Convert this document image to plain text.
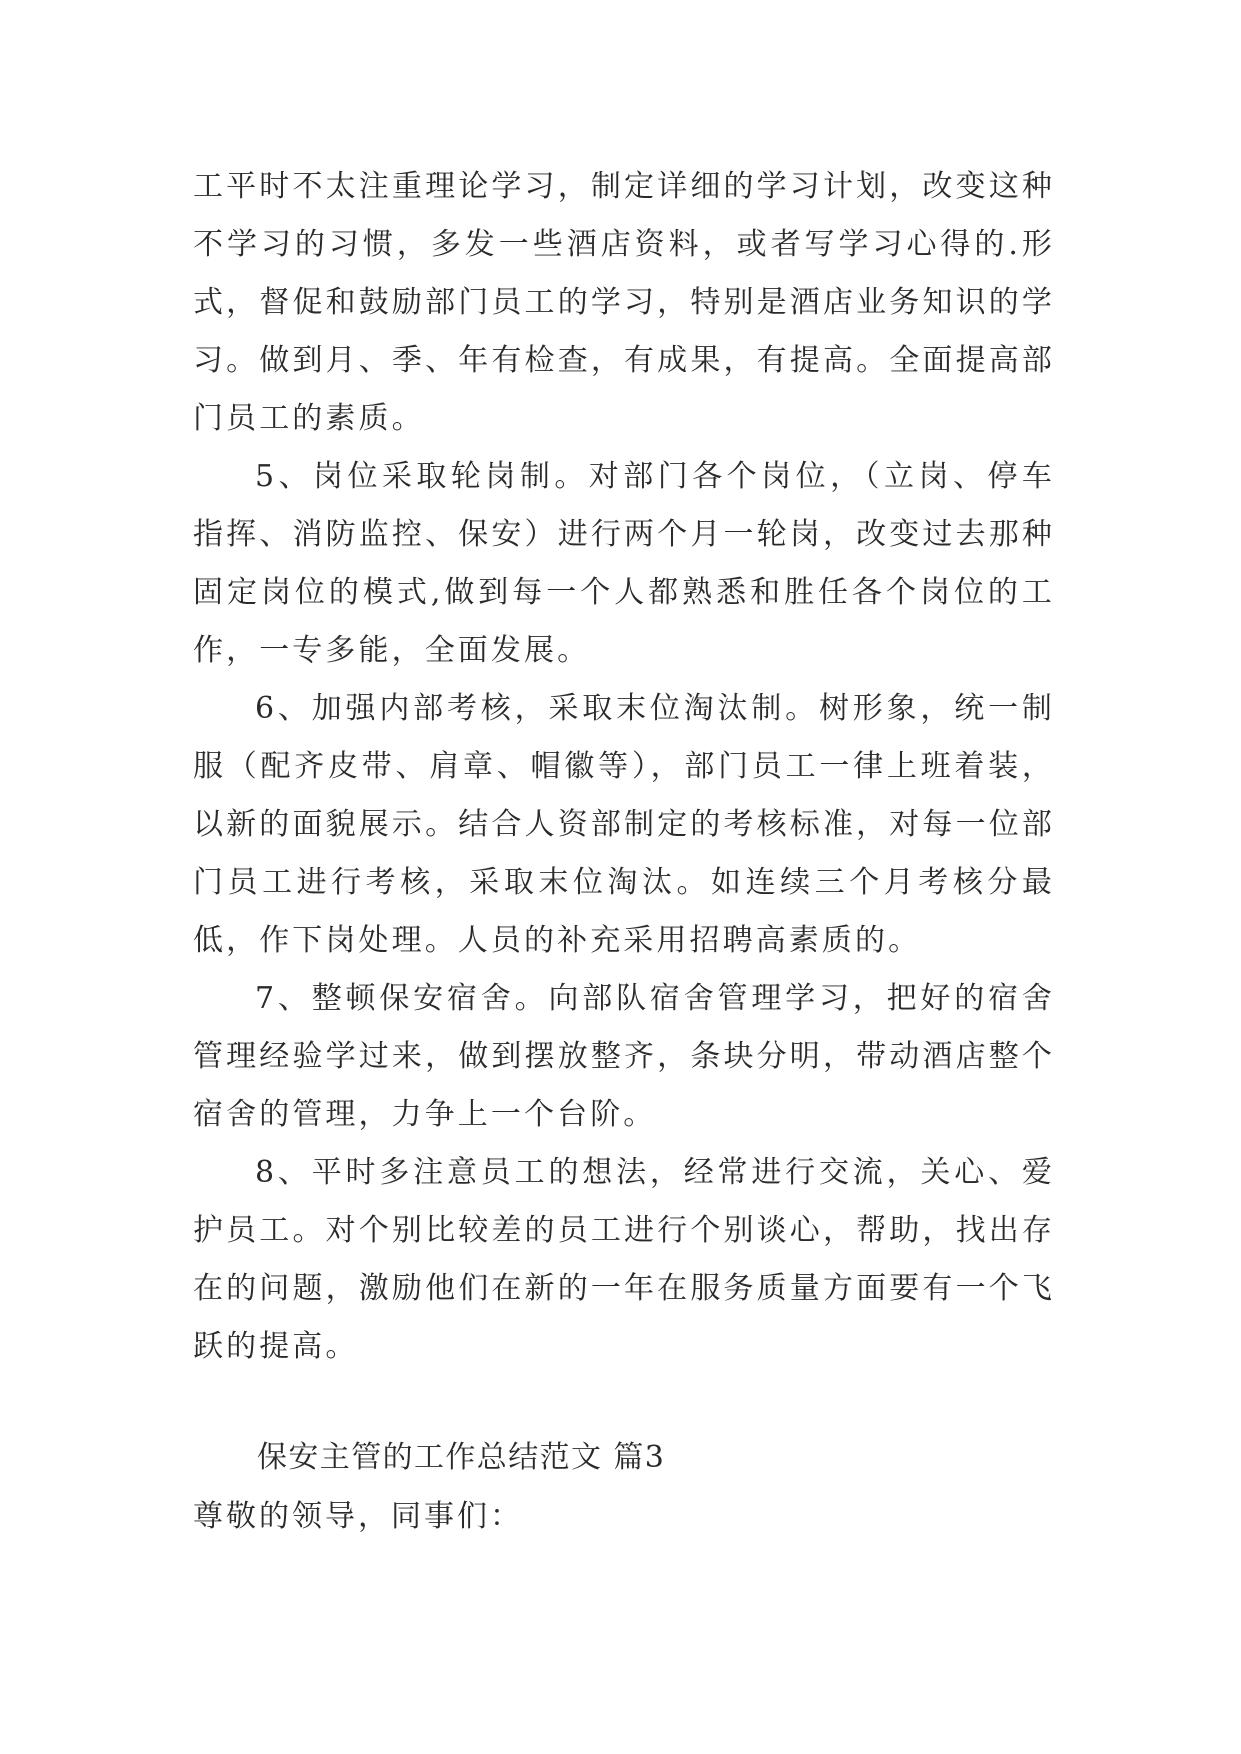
工平时不太注重理论学习，制定详细的学习计划，改变这种不学习的习惯，多发一些酒店资料，或者写学习心得的.形式，督促和鼓励部门员工的学习，特别是酒店业务知识的学习。做到月、季、年有检查，有成果，有提高。全面提高部门员工的素质。

5、岗位采取轮岗制。对部门各个岗位，（立岗、停车指挥、消防监控、保安）进行两个月一轮岗，改变过去那种固定岗位的模式,做到每一个人都熟悉和胜任各个岗位的工作，一专多能，全面发展。

6、加强内部考核，采取末位淘汰制。树形象，统一制服（配齐皮带、肩章、帽徽等），部门员工一律上班着装，以新的面貌展示。结合人资部制定的考核标准，对每一位部门员工进行考核，采取末位淘汰。如连续三个月考核分最低，作下岗处理。人员的补充采用招聘高素质的。

7、整顿保安宿舍。向部队宿舍管理学习，把好的宿舍管理经验学过来，做到摆放整齐，条块分明，带动酒店整个宿舍的管理，力争上一个台阶。

8、平时多注意员工的想法，经常进行交流，关心、爱护员工。对个别比较差的员工进行个别谈心，帮助，找出存在的问题，激励他们在新的一年在服务质量方面要有一个飞跃的提高。

保安主管的工作总结范文 篇3
尊敬的领导，同事们：
